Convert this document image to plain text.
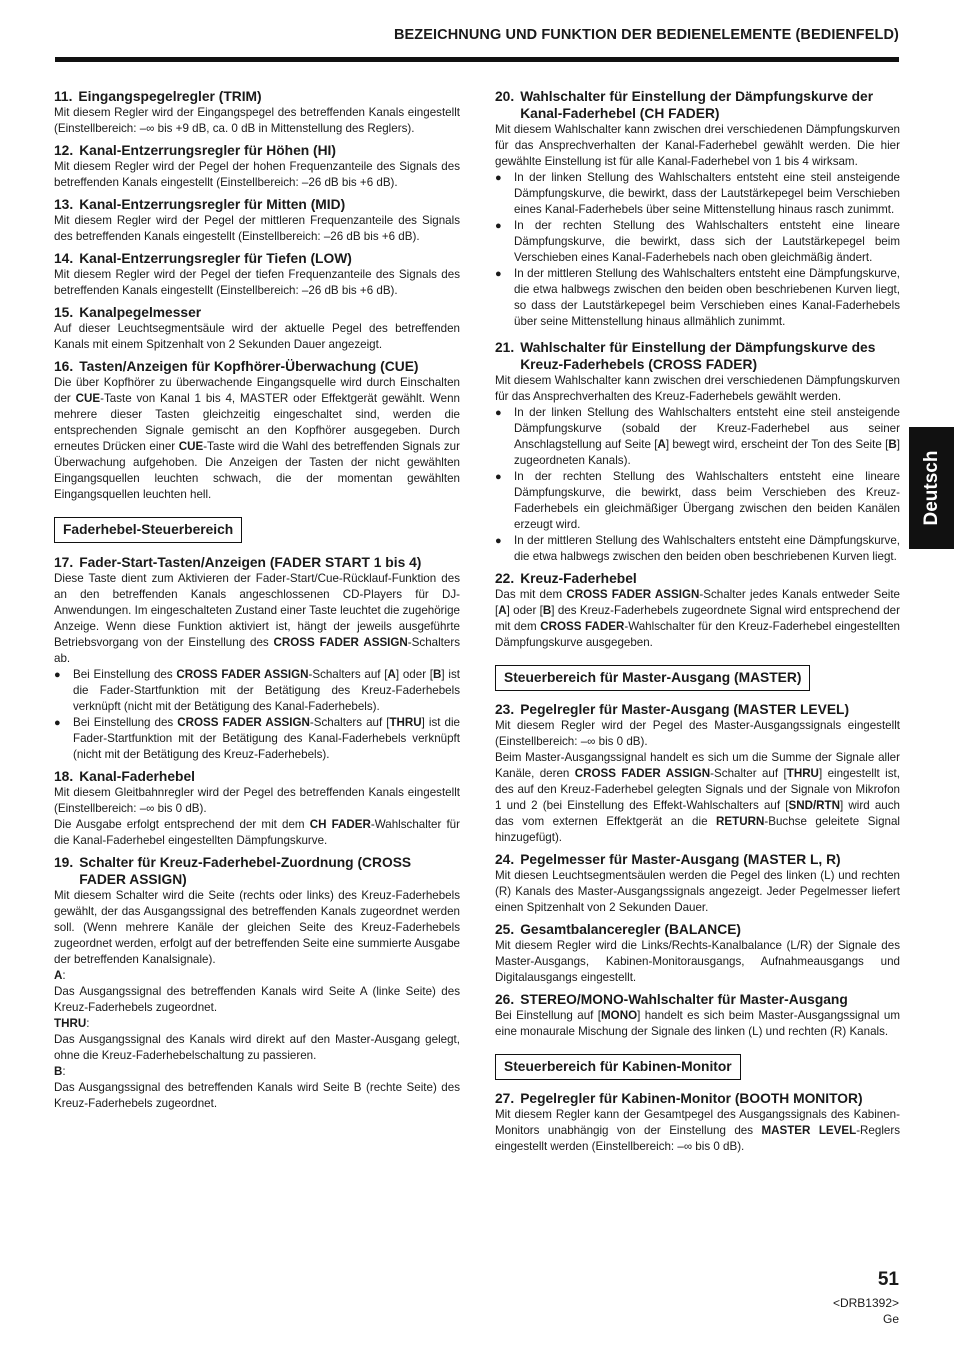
BEZEICHNUNG UND FUNKTION DER BEDIENELEMENTE (BEDIENFELD)
11. Eingangspegelregler (TRIM)

Mit diesem Regler wird der Eingangspegel des betreffenden Kanals eingestellt (Einstellbereich: –∞ bis +9 dB, ca. 0 dB in Mittenstellung des Reglers).

12. Kanal-Entzerrungsregler für Höhen (HI)

Mit diesem Regler wird der Pegel der hohen Frequenzanteile des Signals des betreffenden Kanals eingestellt (Einstellbereich: –26 dB bis +6 dB).

13. Kanal-Entzerrungsregler für Mitten (MID)

Mit diesem Regler wird der Pegel der mittleren Frequenzanteile des Signals des betreffenden Kanals eingestellt (Einstellbereich: –26 dB bis +6 dB).

14. Kanal-Entzerrungsregler für Tiefen (LOW)

Mit diesem Regler wird der Pegel der tiefen Frequenzanteile des Signals des betreffenden Kanals eingestellt (Einstellbereich: –26 dB bis +6 dB).

15. Kanalpegelmesser

Auf dieser Leuchtsegmentsäule wird der aktuelle Pegel des betreffenden Kanals mit einem Spitzenhalt von 2 Sekunden Dauer angezeigt.

16. Tasten/Anzeigen für Kopfhörer-Überwachung (CUE)

Die über Kopfhörer zu überwachende Eingangsquelle wird durch Einschalten der CUE-Taste von Kanal 1 bis 4, MASTER oder Effektgerät gewählt. Wenn mehrere dieser Tasten gleichzeitig eingeschaltet sind, werden die entsprechenden Signale gemischt an den Kopfhörer ausgegeben. Durch erneutes Drücken einer CUE-Taste wird die Wahl des betreffenden Signals zur Überwachung aufgehoben. Die Anzeigen der Tasten der nicht gewählten Eingangsquellen leuchten schwach, die der momentan gewählten Eingangsquellen leuchten hell.

Faderhebel-Steuerbereich
17. Fader-Start-Tasten/Anzeigen (FADER START 1 bis 4)

Diese Taste dient zum Aktivieren der Fader-Start/Cue-Rücklauf-Funktion des an den betreffenden Kanals angeschlossenen CD-Players für DJ-Anwendungen. Im eingeschalteten Zustand einer Taste leuchtet die zugehörige Anzeige. Wenn diese Funktion aktiviert ist, hängt der jeweils ausgeführte Betriebsvorgang von der Einstellung des CROSS FADER ASSIGN-Schalters ab.

● Bei Einstellung des CROSS FADER ASSIGN-Schalters auf [A] oder [B] ist die Fader-Startfunktion mit der Betätigung des Kreuz-Faderhebels verknüpft (nicht mit der Betätigung des Kanal-Faderhebels).
● Bei Einstellung des CROSS FADER ASSIGN-Schalters auf [THRU] ist die Fader-Startfunktion mit der Betätigung des Kanal-Faderhebels verknüpft (nicht mit der Betätigung des Kreuz-Faderhebels).
18. Kanal-Faderhebel

Mit diesem Gleitbahnregler wird der Pegel des betreffenden Kanals eingestellt (Einstellbereich: –∞ bis 0 dB).

Die Ausgabe erfolgt entsprechend der mit dem CH FADER-Wahlschalter für die Kanal-Faderhebel eingestellten Dämpfungskurve.

19. Schalter für Kreuz-Faderhebel-Zuordnung (CROSS FADER ASSIGN)

Mit diesem Schalter wird die Seite (rechts oder links) des Kreuz-Faderhebels gewählt, der das Ausgangssignal des betreffenden Kanals zugeordnet werden soll. (Wenn mehrere Kanäle der gleichen Seite des Kreuz-Faderhebels zugeordnet werden, erfolgt auf der betreffenden Seite eine summierte Ausgabe der betreffenden Kanalsignale).

A:

Das Ausgangssignal des betreffenden Kanals wird Seite A (linke Seite) des Kreuz-Faderhebels zugeordnet.

THRU:

Das Ausgangssignal des Kanals wird direkt auf den Master-Ausgang gelegt, ohne die Kreuz-Faderhebelschaltung zu passieren.

B:

Das Ausgangssignal des betreffenden Kanals wird Seite B (rechte Seite) des Kreuz-Faderhebels zugeordnet.

20. Wahlschalter für Einstellung der Dämpfungskurve der Kanal-Faderhebel (CH FADER)

Mit diesem Wahlschalter kann zwischen drei verschiedenen Dämpfungskurven für das Ansprechverhalten der Kanal-Faderhebel gewählt werden. Die hier gewählte Einstellung ist für alle Kanal-Faderhebel von 1 bis 4 wirksam.

● In der linken Stellung des Wahlschalters entsteht eine steil ansteigende Dämpfungskurve, die bewirkt, dass der Lautstärkepegel beim Verschieben eines Kanal-Faderhebels über seine Mittenstellung hinaus rasch zunimmt.
● In der rechten Stellung des Wahlschalters entsteht eine lineare Dämpfungskurve, die bewirkt, dass sich der Lautstärkepegel beim Verschieben eines Kanal-Faderhebels nach oben gleichmäßig ändert.
● In der mittleren Stellung des Wahlschalters entsteht eine Dämpfungskurve, die etwa halbwegs zwischen den beiden oben beschriebenen Kurven liegt, so dass der Lautstärkepegel beim Verschieben eines Kanal-Faderhebels über seine Mittenstellung hinaus allmählich zunimmt.
21. Wahlschalter für Einstellung der Dämpfungskurve des Kreuz-Faderhebels (CROSS FADER)

Mit diesem Wahlschalter kann zwischen drei verschiedenen Dämpfungskurven für das Ansprechverhalten des Kreuz-Faderhebels gewählt werden.

● In der linken Stellung des Wahlschalters entsteht eine steil ansteigende Dämpfungskurve (sobald der Kreuz-Faderhebel aus seiner Anschlagstellung auf Seite [A] bewegt wird, erscheint der Ton des Seite [B] zugeordneten Kanals).
● In der rechten Stellung des Wahlschalters entsteht eine lineare Dämpfungskurve, die bewirkt, dass beim Verschieben des Kreuz-Faderhebels ein gleichmäßiger Übergang zwischen den beiden Kanälen erzeugt wird.
● In der mittleren Stellung des Wahlschalters entsteht eine Dämpfungskurve, die etwa halbwegs zwischen den beiden oben beschriebenen Kurven liegt.
22. Kreuz-Faderhebel

Das mit dem CROSS FADER ASSIGN-Schalter jedes Kanals entweder Seite [A] oder [B] des Kreuz-Faderhebels zugeordnete Signal wird entsprechend der mit dem CROSS FADER-Wahlschalter für den Kreuz-Faderhebel eingestellten Dämpfungskurve ausgegeben.

Steuerbereich für Master-Ausgang (MASTER)
23. Pegelregler für Master-Ausgang (MASTER LEVEL)

Mit diesem Regler wird der Pegel des Master-Ausgangssignals eingestellt (Einstellbereich: –∞ bis 0 dB).

Beim Master-Ausgangssignal handelt es sich um die Summe der Signale aller Kanäle, deren CROSS FADER ASSIGN-Schalter auf [THRU] eingestellt ist, des auf den Kreuz-Faderhebel gelegten Signals und der Signale von Mikrofon 1 und 2 (bei Einstellung des Effekt-Wahlschalters auf [SND/RTN] wird auch das vom externen Effektgerät an die RETURN-Buchse geleitete Signal hinzugefügt).

24. Pegelmesser für Master-Ausgang (MASTER L, R)

Mit diesen Leuchtsegmentsäulen werden die Pegel des linken (L) und rechten (R) Kanals des Master-Ausgangssignals angezeigt. Jeder Pegelmesser liefert einen Spitzenhalt von 2 Sekunden Dauer.

25. Gesamtbalanceregler (BALANCE)

Mit diesem Regler wird die Links/Rechts-Kanalbalance (L/R) der Signale des Master-Ausgangs, Kabinen-Monitorausgangs, Aufnahmeausgangs und Digitalausgangs eingestellt.

26. STEREO/MONO-Wahlschalter für Master-Ausgang

Bei Einstellung auf [MONO] handelt es sich beim Master-Ausgangssignal um eine monaurale Mischung der Signale des linken (L) und rechten (R) Kanals.

Steuerbereich für Kabinen-Monitor
27. Pegelregler für Kabinen-Monitor (BOOTH MONITOR)

Mit diesem Regler kann der Gesamtpegel des Ausgangssignals des Kabinen-Monitors unabhängig von der Einstellung des MASTER LEVEL-Reglers eingestellt werden (Einstellbereich: –∞ bis 0 dB).

Deutsch
51
<DRB1392>
Ge
